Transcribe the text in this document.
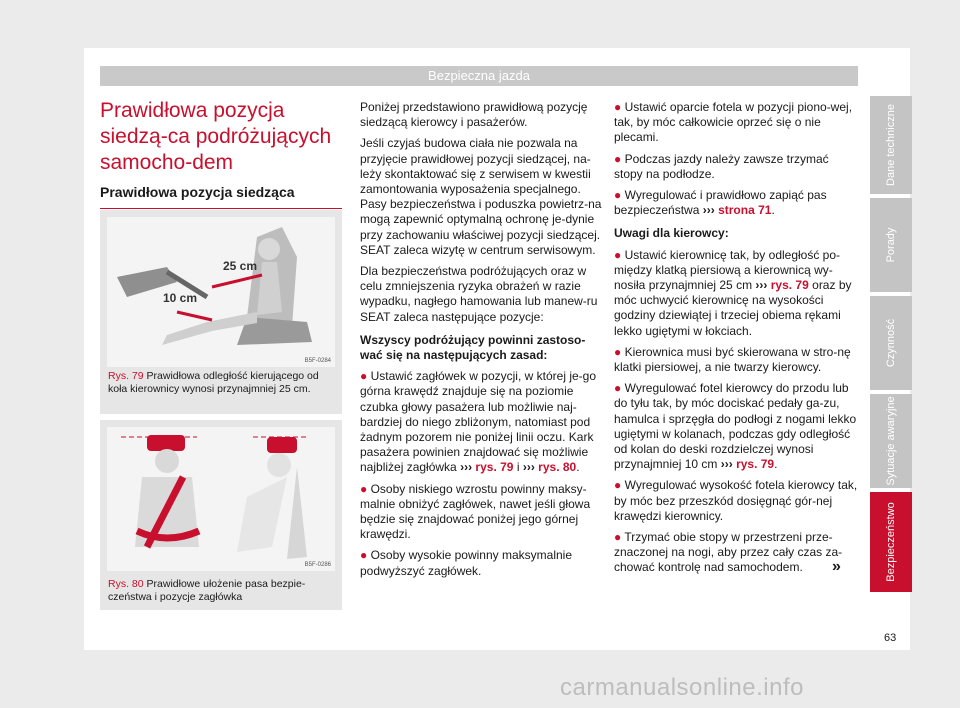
Bezpieczna jazda
Prawidłowa pozycja siedzą-ca podróżujących samocho-dem
Prawidłowa pozycja siedząca
25 cm
10 cm
B5F-0284
Rys. 79 Prawidłowa odległość kierującego od koła kierownicy wynosi przynajmniej 25 cm.
B5F-0286
Rys. 80 Prawidłowe ułożenie pasa bezpie-czeństwa i pozycje zagłówka

Poniżej przedstawiono prawidłową pozycję siedzącą kierowcy i pasażerów.

Jeśli czyjaś budowa ciała nie pozwala na przyjęcie prawidłowej pozycji siedzącej, na-leży skontaktować się z serwisem w kwestii zamontowania wyposażenia specjalnego. Pasy bezpieczeństwa i poduszka powietrz-na mogą zapewnić optymalną ochronę je-dynie przy zachowaniu właściwej pozycji siedzącej. SEAT zaleca wizytę w centrum serwisowym.

Dla bezpieczeństwa podróżujących oraz w celu zmniejszenia ryzyka obrażeń w razie wypadku, nagłego hamowania lub manew-ru SEAT zaleca następujące pozycje:

Wszyscy podróżujący powinni zastoso-wać się na następujących zasad:

● Ustawić zagłówek w pozycji, w której je-go górna krawędź znajduje się na poziomie czubka głowy pasażera lub możliwie naj-bardziej do niego zbliżonym, natomiast pod żadnym pozorem nie poniżej linii oczu. Kark pasażera powinien znajdować się możliwie najbliżej zagłówka ››› rys. 79 i ››› rys. 80.

● Osoby niskiego wzrostu powinny maksy-malnie obniżyć zagłówek, nawet jeśli głowa będzie się znajdować poniżej jego górnej krawędzi.

● Osoby wysokie powinny maksymalnie podwyższyć zagłówek.

● Ustawić oparcie fotela w pozycji piono-wej, tak, by móc całkowicie oprzeć się o nie plecami.

● Podczas jazdy należy zawsze trzymać stopy na podłodze.

● Wyregulować i prawidłowo zapiąć pas bezpieczeństwa ››› strona 71.

Uwagi dla kierowcy:

● Ustawić kierownicę tak, by odległość po-między klatką piersiową a kierownicą wy-nosiła przynajmniej 25 cm ››› rys. 79 oraz by móc uchwycić kierownicę na wysokości godziny dziewiątej i trzeciej obiema rękami lekko ugiętymi w łokciach.

● Kierownica musi być skierowana w stro-nę klatki piersiowej, a nie twarzy kierowcy.

● Wyregulować fotel kierowcy do przodu lub do tyłu tak, by móc dociskać pedały ga-zu, hamulca i sprzęgła do podłogi z nogami lekko ugiętymi w kolanach, podczas gdy odległość od kolan do deski rozdzielczej wynosi przynajmniej 10 cm ››› rys. 79.

● Wyregulować wysokość fotela kierowcy tak, by móc bez przeszkód dosięgnąć gór-nej krawędzi kierownicy.

● Trzymać obie stopy w przestrzeni prze-znaczonej na nogi, aby przez cały czas za-chować kontrolę nad samochodem.	»
Dane techniczne
Porady
Czynność
Sytuacje awaryjne
Bezpieczeństwo
63
carmanualsonline.info
